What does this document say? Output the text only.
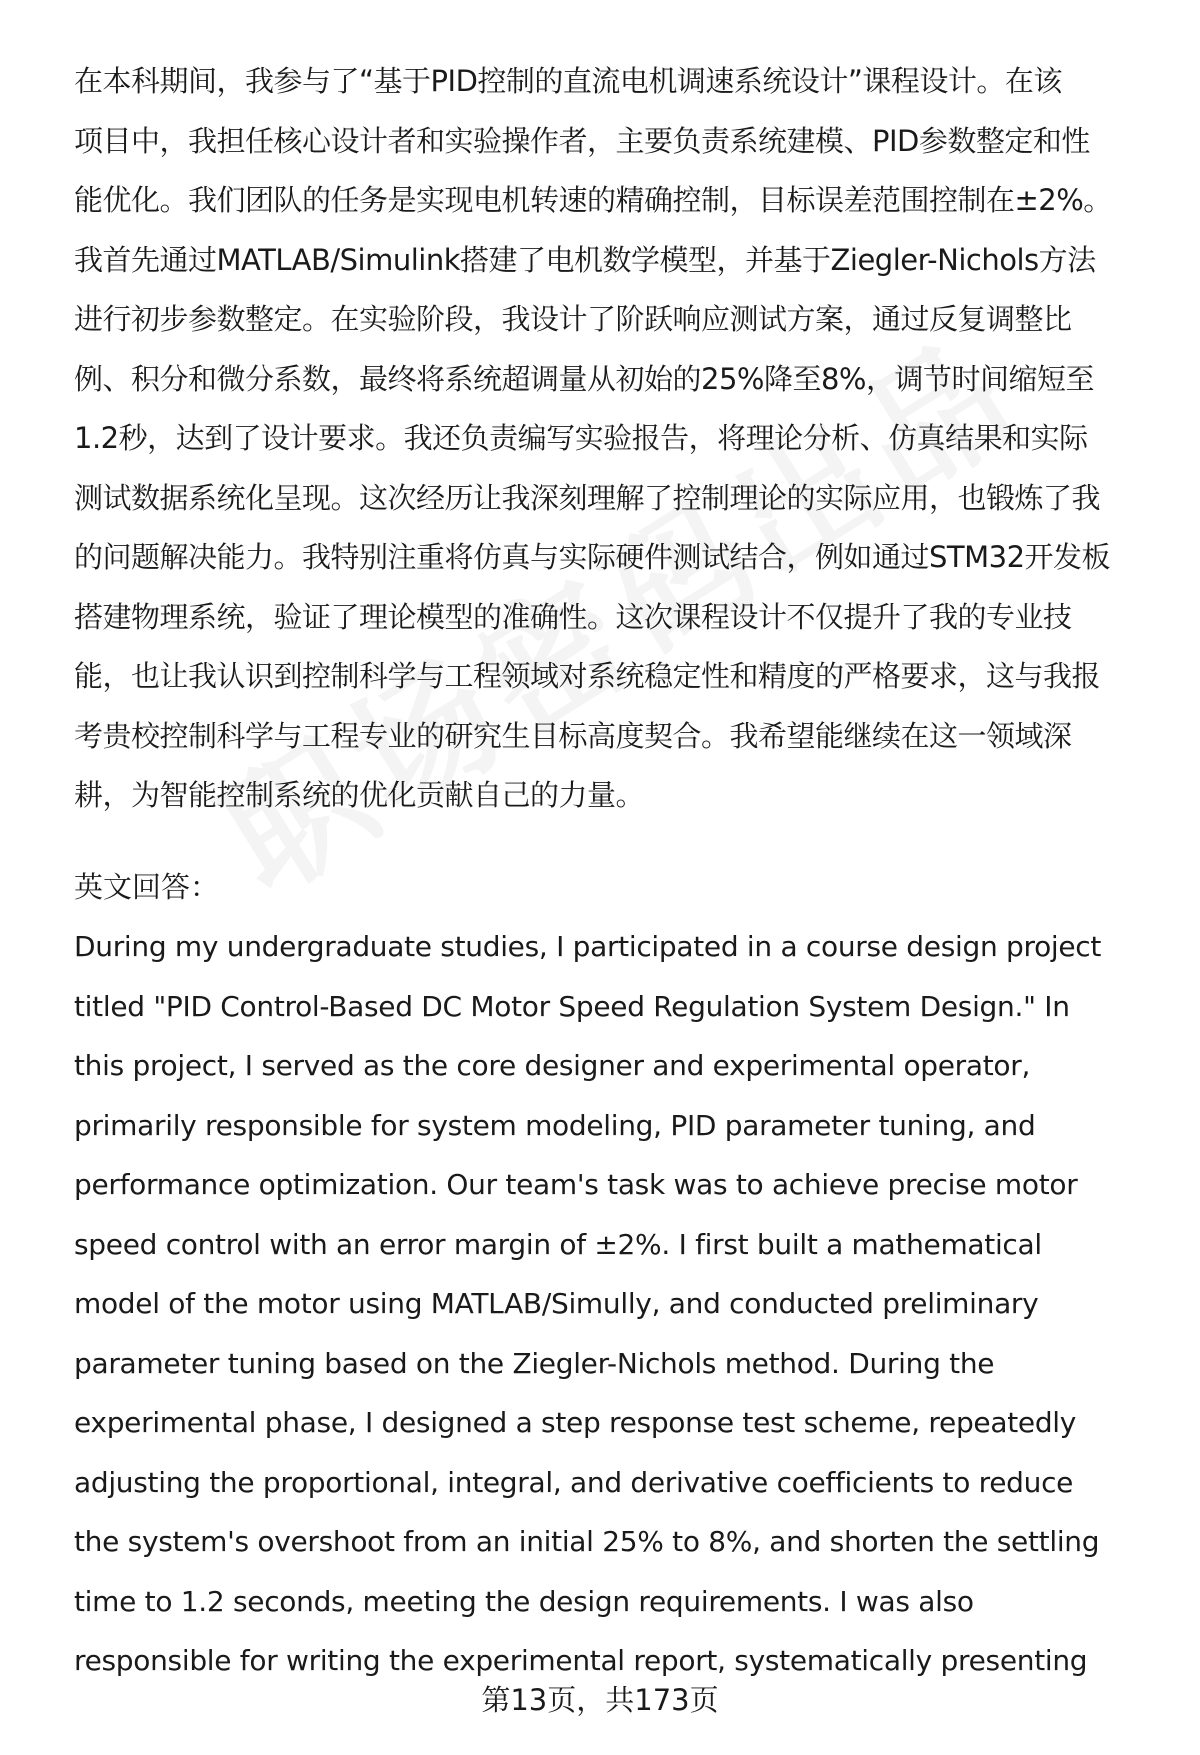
在本科期间，我参与了“基于PID控制的直流电机调速系统设计”课程设计。在该
项目中，我担任核心设计者和实验操作者，主要负责系统建模、PID参数整定和性
能优化。我们团队的任务是实现电机转速的精确控制，目标误差范围控制在±2%。
我首先通过MATLAB/Simulink搭建了电机数学模型，并基于Ziegler-Nichols方法
进行初步参数整定。在实验阶段，我设计了阶跃响应测试方案，通过反复调整比
例、积分和微分系数，最终将系统超调量从初始的25%降至8%，调节时间缩短至
1.2秒，达到了设计要求。我还负责编写实验报告，将理论分析、仿真结果和实际
测试数据系统化呈现。这次经历让我深刻理解了控制理论的实际应用，也锻炼了我
的问题解决能力。我特别注重将仿真与实际硬件测试结合，例如通过STM32开发板
搭建物理系统，验证了理论模型的准确性。这次课程设计不仅提升了我的专业技
能，也让我认识到控制科学与工程领域对系统稳定性和精度的严格要求，这与我报
考贵校控制科学与工程专业的研究生目标高度契合。我希望能继续在这一领域深
耕，为智能控制系统的优化贡献自己的力量。
英文回答：
During my undergraduate studies, I participated in a course design project
titled "PID Control-Based DC Motor Speed Regulation System Design." In
this project, I served as the core designer and experimental operator,
primarily responsible for system modeling, PID parameter tuning, and
performance optimization. Our team's task was to achieve precise motor
speed control with an error margin of ±2%. I first built a mathematical
model of the motor using MATLAB/Simully, and conducted preliminary
parameter tuning based on the Ziegler-Nichols method. During the
experimental phase, I designed a step response test scheme, repeatedly
adjusting the proportional, integral, and derivative coefficients to reduce
the system's overshoot from an initial 25% to 8%, and shorten the settling
time to 1.2 seconds, meeting the design requirements. I was also
responsible for writing the experimental report, systematically presenting
第13页，共173页
